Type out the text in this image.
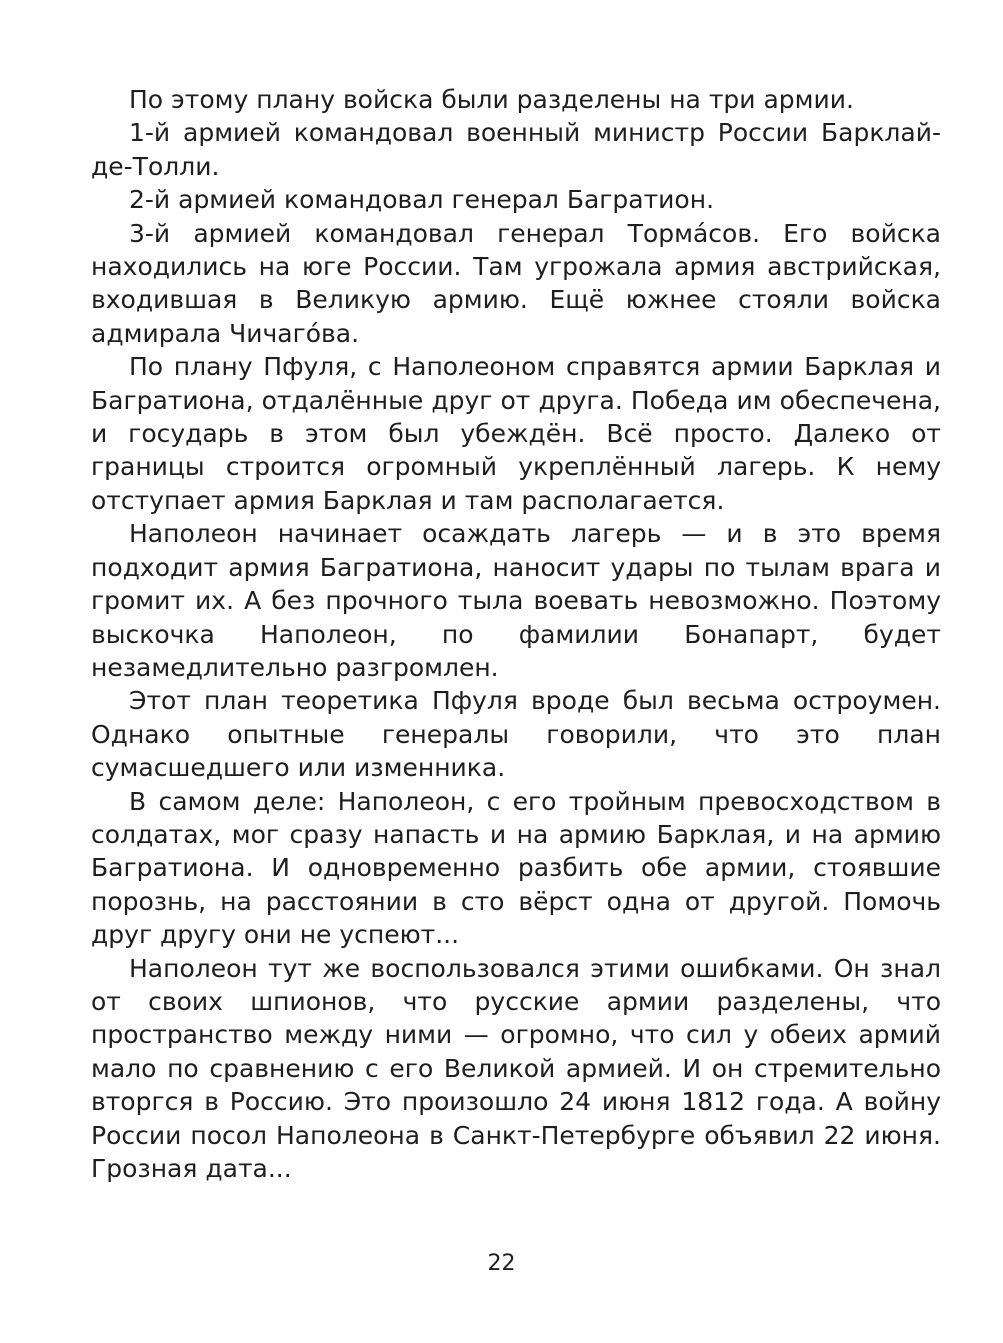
По этому плану войска были разделены на три армии.

1-й армией командовал военный министр России Барклай-де-Толли.

2-й армией командовал генерал Багратион.

3-й армией командовал генерал Торма́сов. Его войска находились на юге России. Там угрожала армия австрийская, входившая в Великую армию. Ещё южнее стояли войска адмирала Чичаго́ва.

По плану Пфуля, с Наполеоном справятся армии Барклая и Багратиона, отдалённые друг от друга. Победа им обеспечена, и государь в этом был убеждён. Всё просто. Далеко от границы строится огромный укреплённый лагерь. К нему отступает армия Барклая и там располагается.

Наполеон начинает осаждать лагерь — и в это время подходит армия Багратиона, наносит удары по тылам врага и громит их. А без прочного тыла воевать невозможно. Поэтому выскочка Наполеон, по фамилии Бонапарт, будет незамедлительно разгромлен.

Этот план теоретика Пфуля вроде был весьма остроумен. Однако опытные генералы говорили, что это план сумасшедшего или изменника.

В самом деле: Наполеон, с его тройным превосходством в солдатах, мог сразу напасть и на армию Барклая, и на армию Багратиона. И одновременно разбить обе армии, стоявшие порознь, на расстоянии в сто вёрст одна от другой. Помочь друг другу они не успеют...

Наполеон тут же воспользовался этими ошибками. Он знал от своих шпионов, что русские армии разделены, что пространство между ними — огромно, что сил у обеих армий мало по сравнению с его Великой армией. И он стремительно вторгся в Россию. Это произошло 24 июня 1812 года. А войну России посол Наполеона в Санкт-Петербурге объявил 22 июня. Грозная дата...

22
